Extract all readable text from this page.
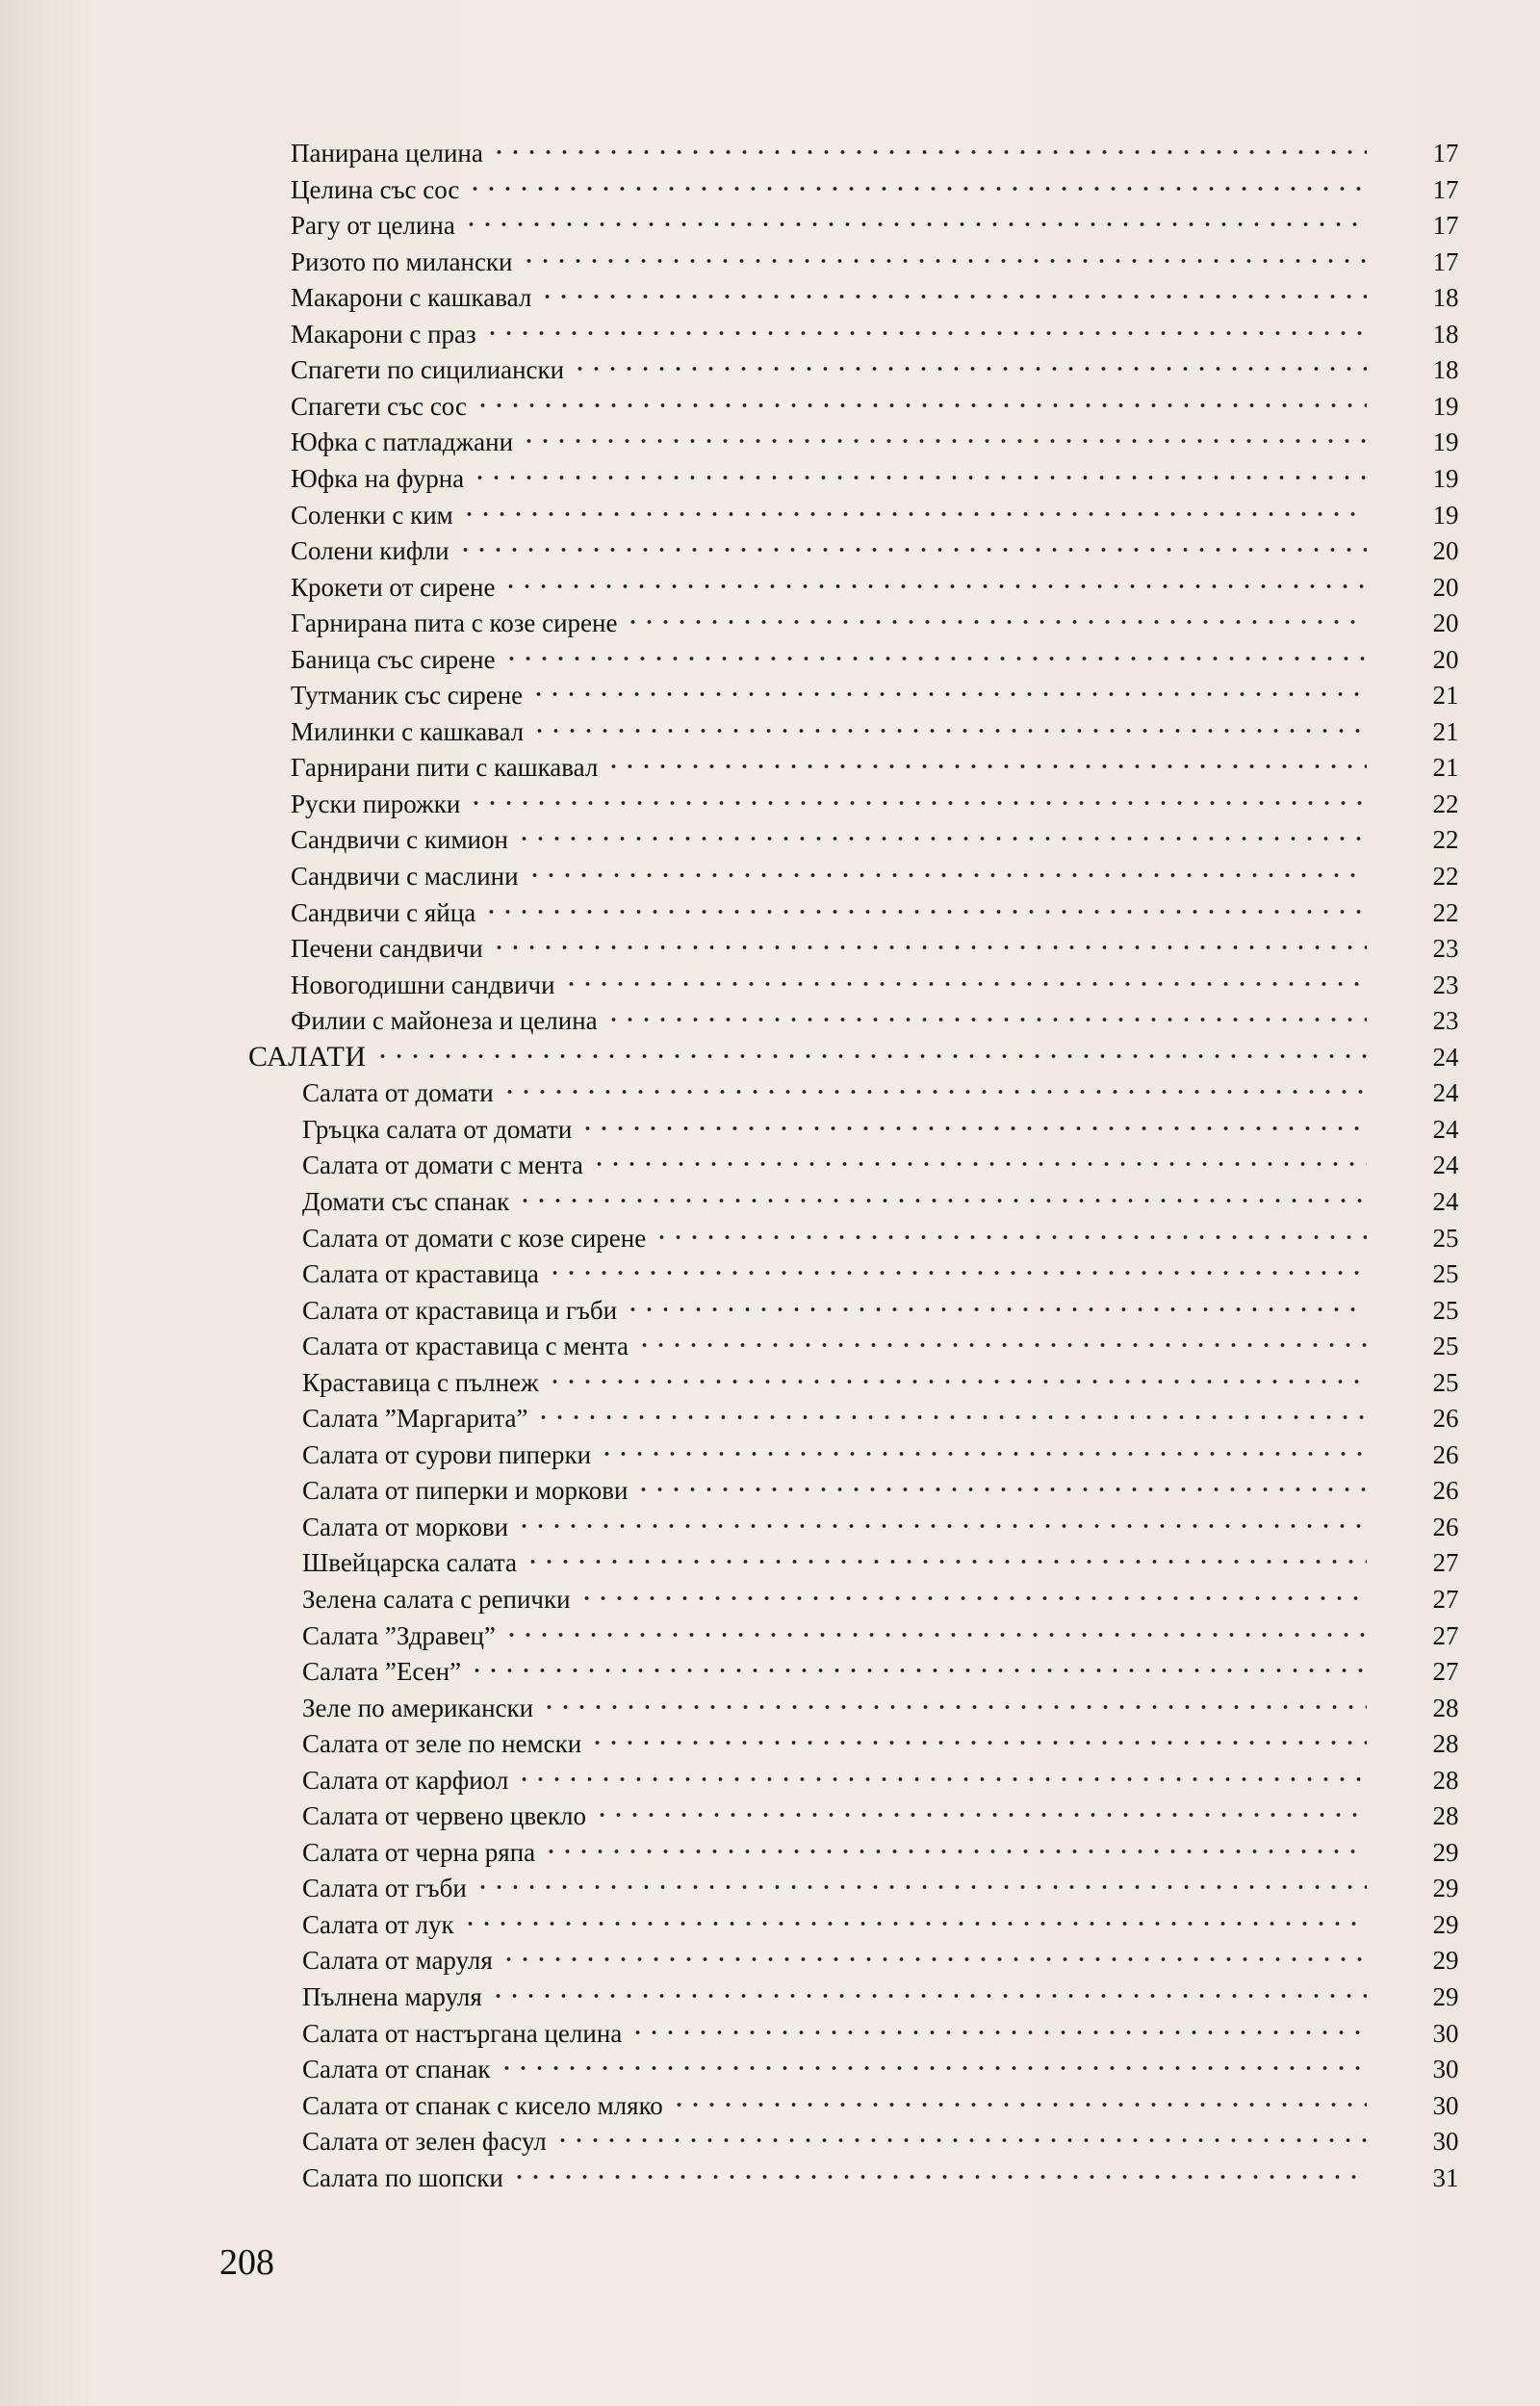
Панирана целина	17
Целина със сос	17
Рагу от целина	17
Ризото по милански	17
Макарони с кашкавал	18
Макарони с праз	18
Спагети по сицилиански	18
Спагети със сос	19
Юфка с патладжани	19
Юфка на фурна	19
Соленки с ким	19
Солени кифли	20
Крокети от сирене	20
Гарнирана пита с козе сирене	20
Баница със сирене	20
Тутманик със сирене	21
Милинки с кашкавал	21
Гарнирани пити с кашкавал	21
Руски пирожки	22
Сандвичи с кимион	22
Сандвичи с маслини	22
Сандвичи с яйца	22
Печени сандвичи	23
Новогодишни сандвичи	23
Филии с майонеза и целина	23
САЛАТИ	24
Салата от домати	24
Гръцка салата от домати	24
Салата от домати с мента	24
Домати със спанак	24
Салата от домати с козе сирене	25
Салата от краставица	25
Салата от краставица и гъби	25
Салата от краставица с мента	25
Краставица с пълнеж	25
Салата ”Маргарита”	26
Салата от сурови пиперки	26
Салата от пиперки и моркови	26
Салата от моркови	26
Швейцарска салата	27
Зелена салата с репички	27
Салата ”Здравец”	27
Салата ”Есен”	27
Зеле по американски	28
Салата от зеле по немски	28
Салата от карфиол	28
Салата от червено цвекло	28
Салата от черна ряпа	29
Салата от гъби	29
Салата от лук	29
Салата от маруля	29
Пълнена маруля	29
Салата от настъргана целина	30
Салата от спанак	30
Салата от спанак с кисело мляко	30
Салата от зелен фасул	30
Салата по шопски	31
208
